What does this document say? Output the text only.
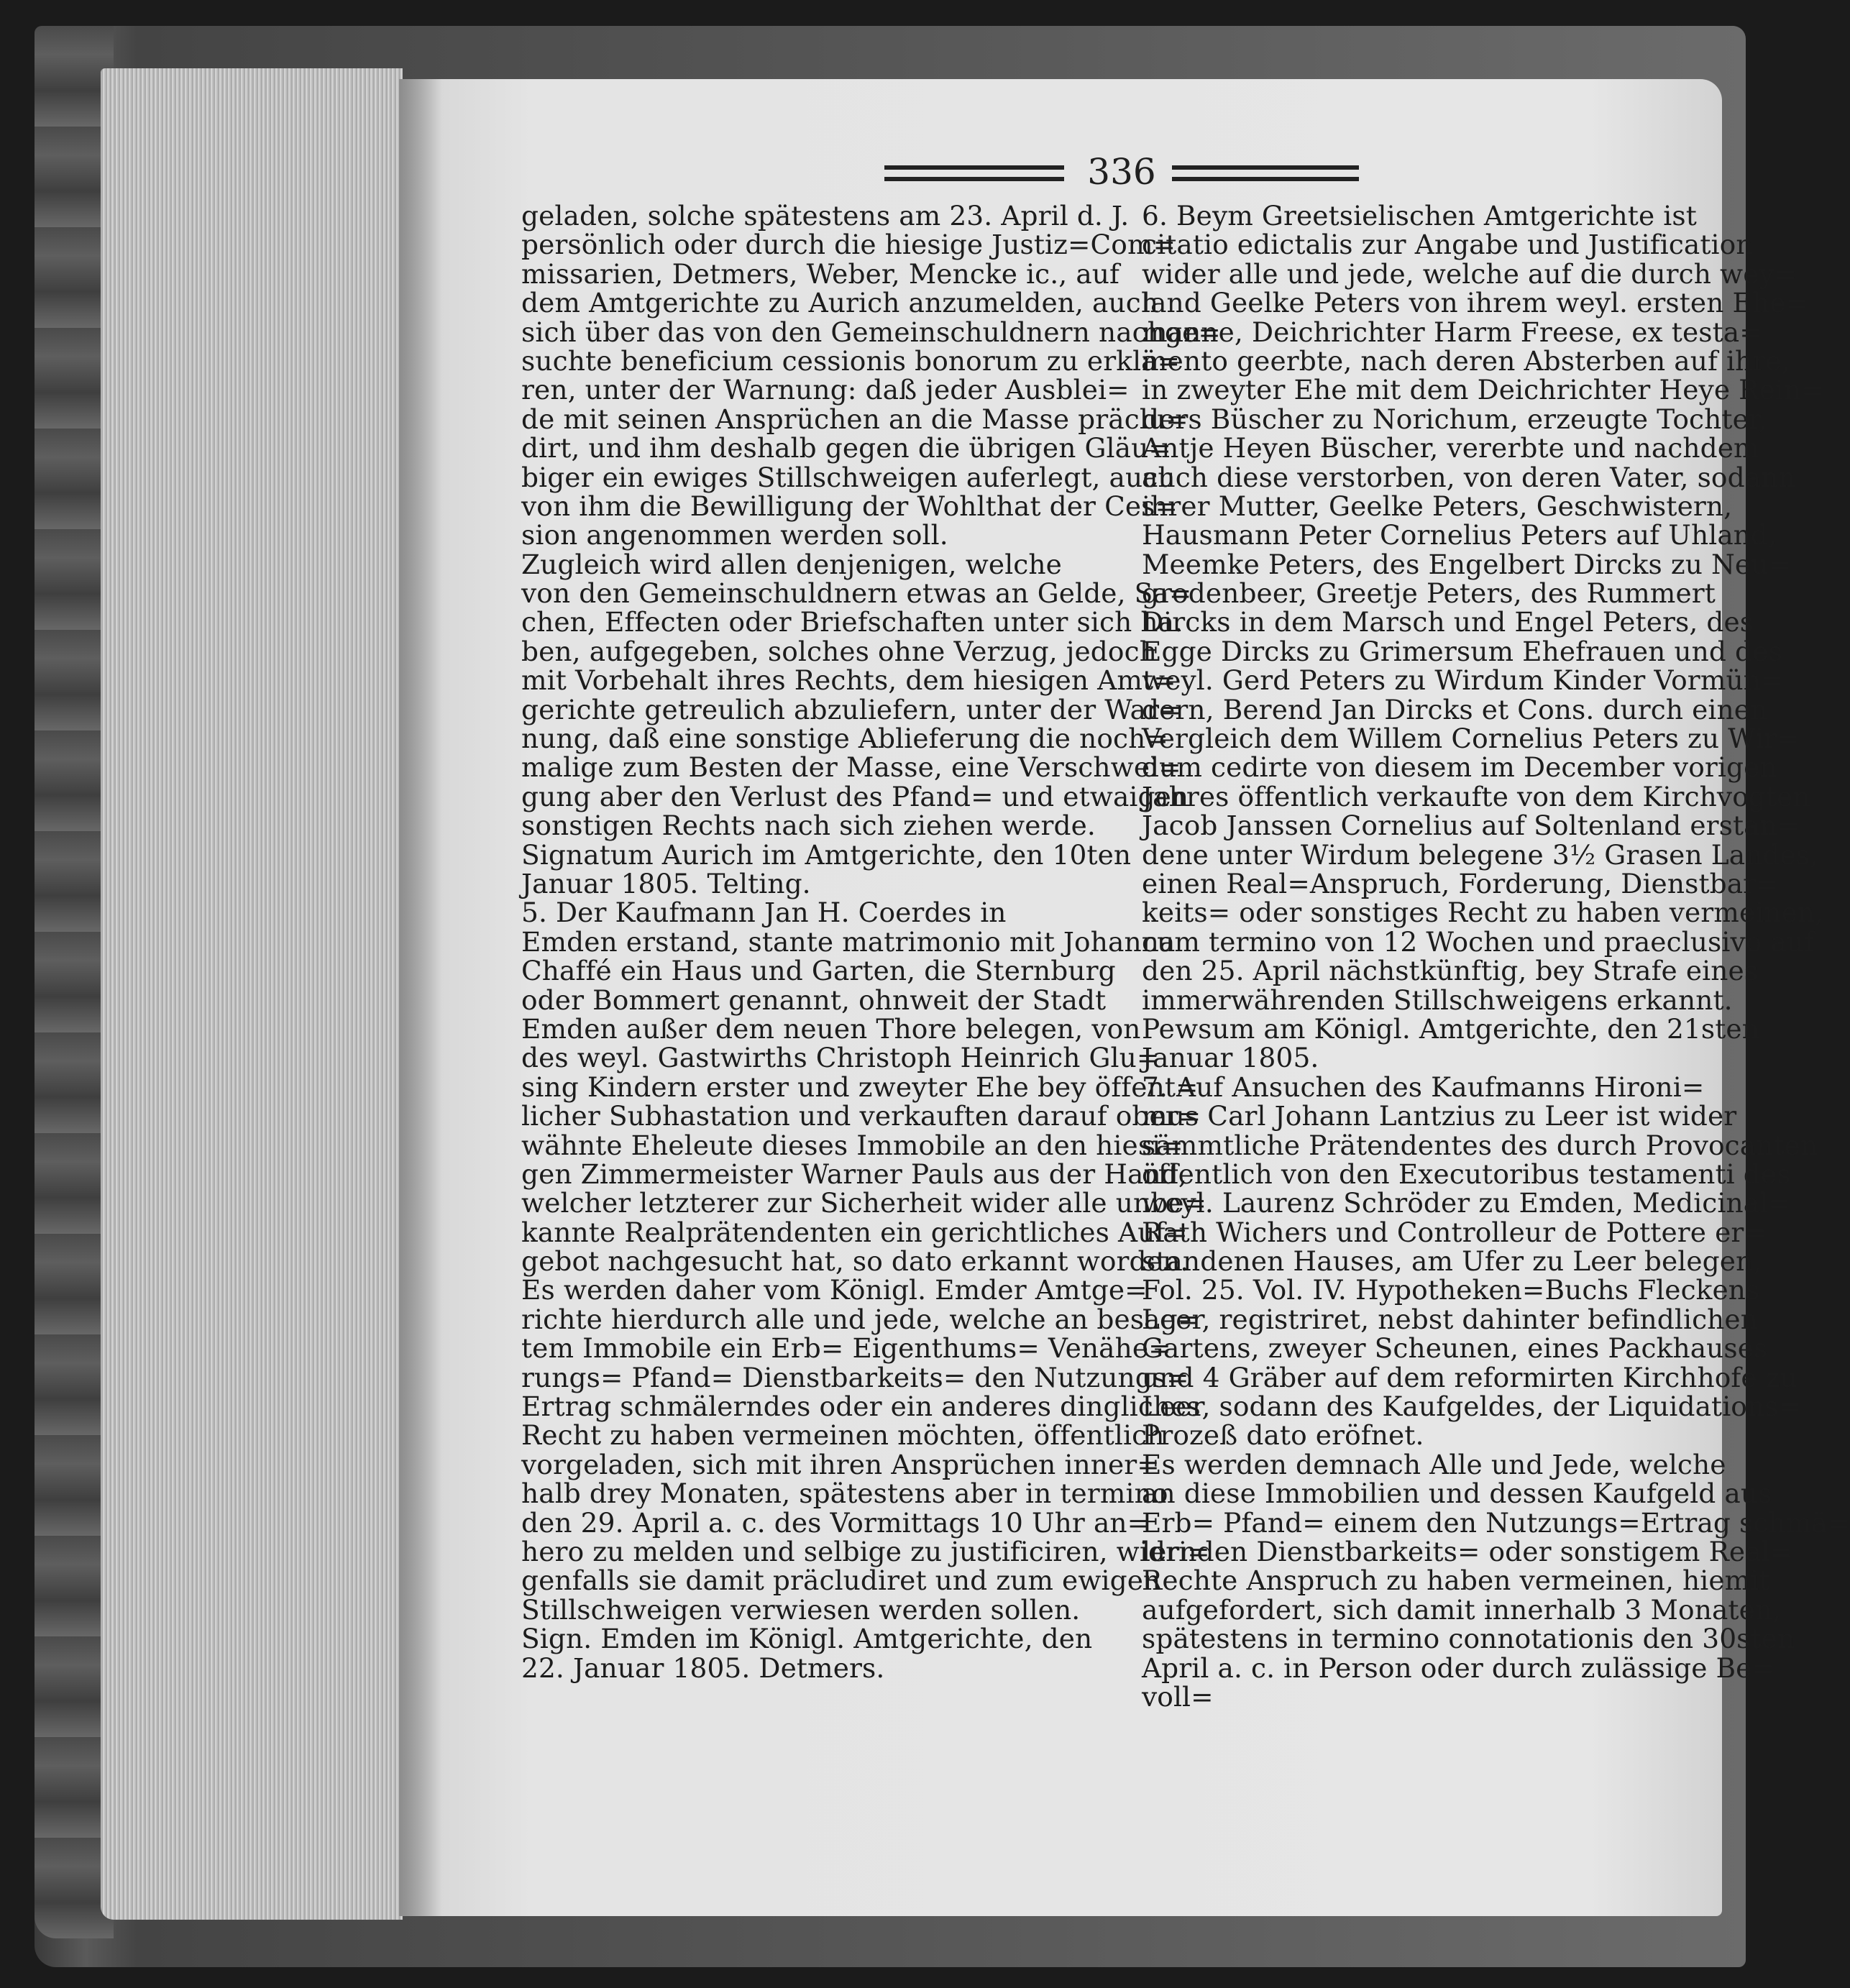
336
geladen, solche spätestens am 23. April d. J.
persönlich oder durch die hiesige Justiz=Com=
missarien, Detmers, Weber, Mencke ic., auf
dem Amtgerichte zu Aurich anzumelden, auch
sich über das von den Gemeinschuldnern nachge=
suchte beneficium cessionis bonorum zu erklä=
ren, unter der Warnung: daß jeder Ausblei=
de mit seinen Ansprüchen an die Masse präclu=
dirt, und ihm deshalb gegen die übrigen Gläu=
biger ein ewiges Stillschweigen auferlegt, auch
von ihm die Bewilligung der Wohlthat der Ces=
sion angenommen werden soll.
Zugleich wird allen denjenigen, welche
von den Gemeinschuldnern etwas an Gelde, Sa=
chen, Effecten oder Briefschaften unter sich ha.
ben, aufgegeben, solches ohne Verzug, jedoch
mit Vorbehalt ihres Rechts, dem hiesigen Amt=
gerichte getreulich abzuliefern, unter der War=
nung, daß eine sonstige Ablieferung die noch=
malige zum Besten der Masse, eine Verschwei=
gung aber den Verlust des Pfand= und etwaigen
sonstigen Rechts nach sich ziehen werde.
Signatum Aurich im Amtgerichte, den 10ten
Januar 1805. Telting.
5. Der Kaufmann Jan H. Coerdes in
Emden erstand, stante matrimonio mit Johanna
Chaffé ein Haus und Garten, die Sternburg
oder Bommert genannt, ohnweit der Stadt
Emden außer dem neuen Thore belegen, von
des weyl. Gastwirths Christoph Heinrich Glu=
sing Kindern erster und zweyter Ehe bey öffent=
licher Subhastation und verkauften darauf ober=
wähnte Eheleute dieses Immobile an den hiesi=
gen Zimmermeister Warner Pauls aus der Hand,
welcher letzterer zur Sicherheit wider alle unbe=
kannte Realprätendenten ein gerichtliches Auf=
gebot nachgesucht hat, so dato erkannt worden.
Es werden daher vom Königl. Emder Amtge=
richte hierdurch alle und jede, welche an besag=
tem Immobile ein Erb= Eigenthums= Venähe=
rungs= Pfand= Dienstbarkeits= den Nutzungs=
Ertrag schmälerndes oder ein anderes dingliches
Recht zu haben vermeinen möchten, öffentlich
vorgeladen, sich mit ihren Ansprüchen inner=
halb drey Monaten, spätestens aber in termino
den 29. April a. c. des Vormittags 10 Uhr an=
hero zu melden und selbige zu justificiren, widri=
genfalls sie damit präcludiret und zum ewigen
Stillschweigen verwiesen werden sollen.
Sign. Emden im Königl. Amtgerichte, den
22. Januar 1805. Detmers.
6. Beym Greetsielischen Amtgerichte ist
citatio edictalis zur Angabe und Justification
wider alle und jede, welche auf die durch wey=
land Geelke Peters von ihrem weyl. ersten Ehe=
manne, Deichrichter Harm Freese, ex testa=
mento geerbte, nach deren Absterben auf ihre,
in zweyter Ehe mit dem Deichrichter Heye Rein=
ders Büscher zu Norichum, erzeugte Tochter,
Antje Heyen Büscher, vererbte und nachdem
auch diese verstorben, von deren Vater, sodann
ihrer Mutter, Geelke Peters, Geschwistern,
Hausmann Peter Cornelius Peters auf Uhland,
Meemke Peters, des Engelbert Dircks zu Neu=
grodenbeer, Greetje Peters, des Rummert
Dircks in dem Marsch und Engel Peters, des
Egge Dircks zu Grimersum Ehefrauen und des
weyl. Gerd Peters zu Wirdum Kinder Vormün=
dern, Berend Jan Dircks et Cons. durch einen
Vergleich dem Willem Cornelius Peters zu Wir=
dum cedirte von diesem im December vorigen
Jahres öffentlich verkaufte von dem Kirchvogten
Jacob Janssen Cornelius auf Soltenland erstan=
dene unter Wirdum belegene 3½ Grasen Landes,
einen Real=Anspruch, Forderung, Dienstbar=
keits= oder sonstiges Recht zu haben vermeinen,
cum termino von 12 Wochen und praeclusivo auf
den 25. April nächstkünftig, bey Strafe eines
immerwährenden Stillschweigens erkannt.
Pewsum am Königl. Amtgerichte, den 21sten
Januar 1805.
7. Auf Ansuchen des Kaufmanns Hironi=
mus Carl Johann Lantzius zu Leer ist wider
sämmtliche Prätendentes des durch Provocanten
öffentlich von den Executoribus testamenti des
weyl. Laurenz Schröder zu Emden, Medicinal=
Rath Wichers und Controlleur de Pottere er=
standenen Hauses, am Ufer zu Leer belegen,
Fol. 25. Vol. IV. Hypotheken=Buchs Fleckens
Leer, registriret, nebst dahinter befindlichen
Gartens, zweyer Scheunen, eines Packhauses
und 4 Gräber auf dem reformirten Kirchhofe zu
Leer, sodann des Kaufgeldes, der Liquidations=
Prozeß dato eröfnet.
Es werden demnach Alle und Jede, welche
an diese Immobilien und dessen Kaufgeld aus
Erb= Pfand= einem den Nutzungs=Ertrag schmä=
lernden Dienstbarkeits= oder sonstigem Real=
Rechte Anspruch zu haben vermeinen, hiemit
aufgefordert, sich damit innerhalb 3 Monaten,
spätestens in termino connotationis den 30sten
April a. c. in Person oder durch zulässige Be=
voll=
